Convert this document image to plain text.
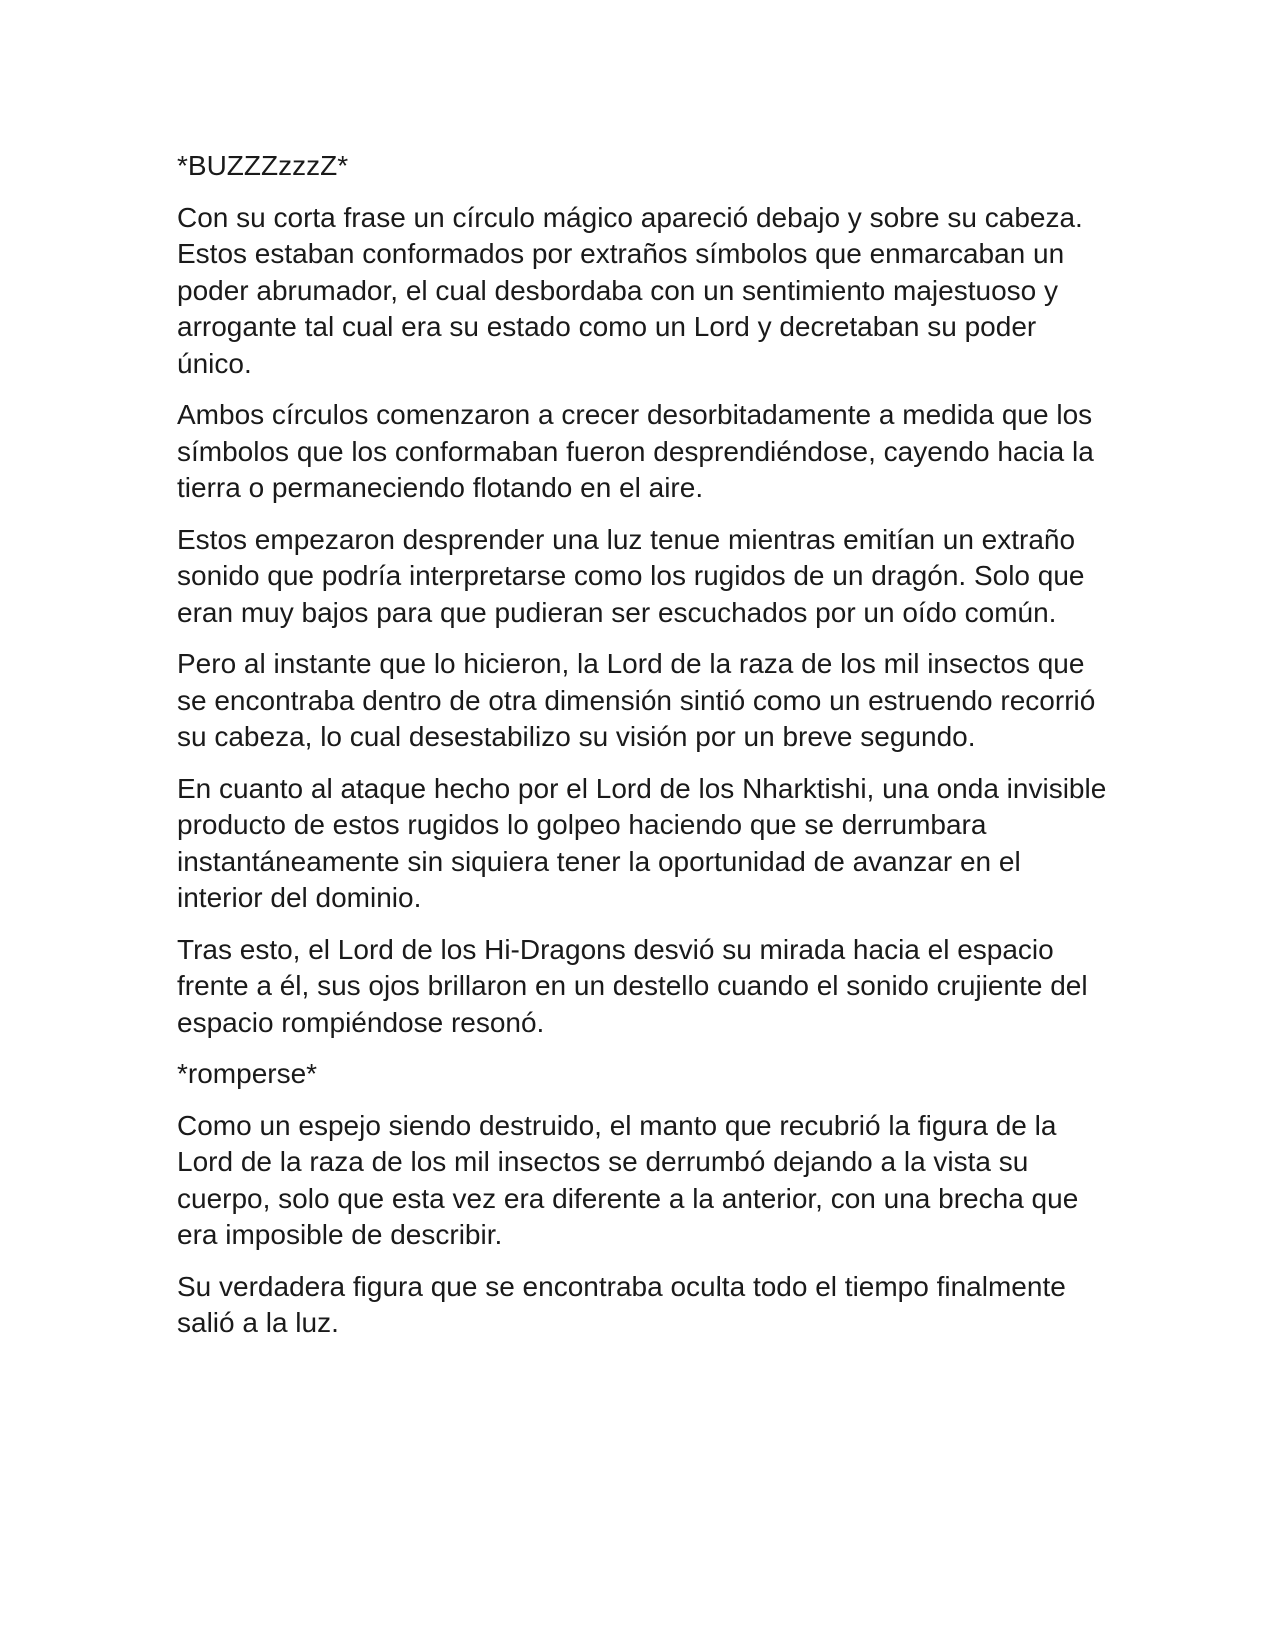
*BUZZZzzzZ*

Con su corta frase un círculo mágico apareció debajo y sobre su cabeza. Estos estaban conformados por extraños símbolos que enmarcaban un poder abrumador, el cual desbordaba con un sentimiento majestuoso y arrogante tal cual era su estado como un Lord y decretaban su poder único.

Ambos círculos comenzaron a crecer desorbitadamente a medida que los símbolos que los conformaban fueron desprendiéndose, cayendo hacia la tierra o permaneciendo flotando en el aire.

Estos empezaron desprender una luz tenue mientras emitían un extraño sonido que podría interpretarse como los rugidos de un dragón. Solo que eran muy bajos para que pudieran ser escuchados por un oído común.

Pero al instante que lo hicieron, la Lord de la raza de los mil insectos que se encontraba dentro de otra dimensión sintió como un estruendo recorrió su cabeza, lo cual desestabilizo su visión por un breve segundo.

En cuanto al ataque hecho por el Lord de los Nharktishi, una onda invisible producto de estos rugidos lo golpeo haciendo que se derrumbara instantáneamente sin siquiera tener la oportunidad de avanzar en el interior del dominio.

Tras esto, el Lord de los Hi-Dragons desvió su mirada hacia el espacio frente a él, sus ojos brillaron en un destello cuando el sonido crujiente del espacio rompiéndose resonó.

*romperse*

Como un espejo siendo destruido, el manto que recubrió la figura de la Lord de la raza de los mil insectos se derrumbó dejando a la vista su cuerpo, solo que esta vez era diferente a la anterior, con una brecha que era imposible de describir.

Su verdadera figura que se encontraba oculta todo el tiempo finalmente salió a la luz.
